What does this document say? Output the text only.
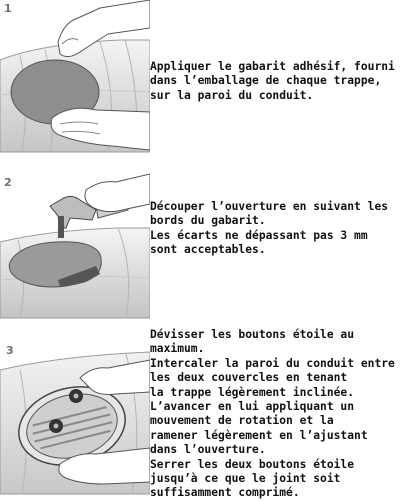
1
Appliquer le gabarit adhésif, fourni
dans l’emballage de chaque trappe,
sur la paroi du conduit.
2
Découper l’ouverture en suivant les
bords du gabarit.
Les écarts ne dépassant pas 3 mm
sont acceptables.
3
Dévisser les boutons étoile au
maximum.
Intercaler la paroi du conduit entre
les deux couvercles en tenant
la trappe légèrement inclinée.
L’avancer en lui appliquant un
mouvement de rotation et la
ramener légèrement en l’ajustant
dans l’ouverture.
Serrer les deux boutons étoile
jusqu’à ce que le joint soit
suffisamment comprimé.
